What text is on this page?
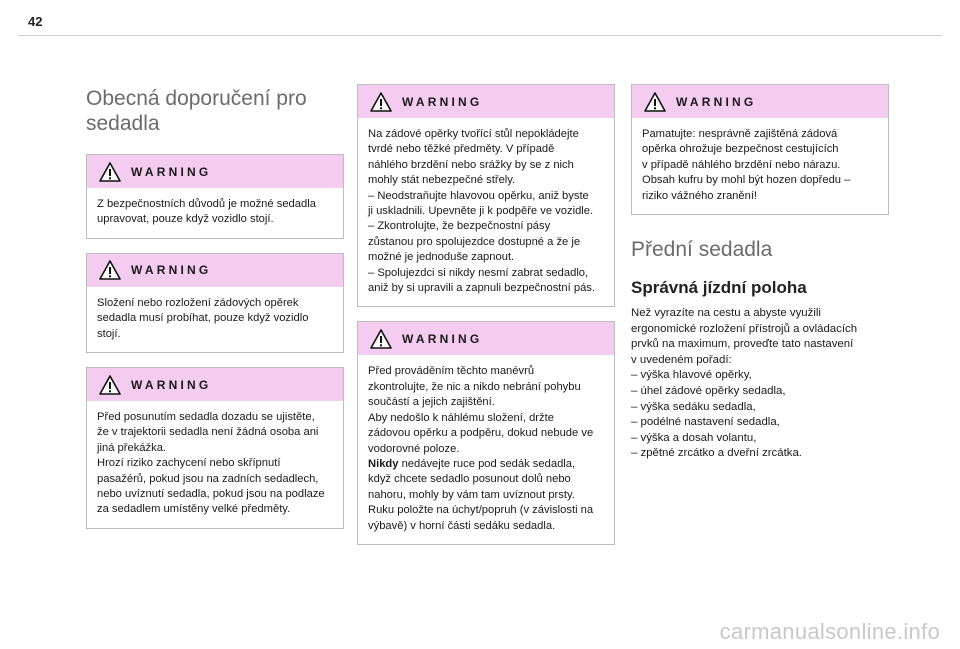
42
Obecná doporučení pro sedadla
WARNING

Z bezpečnostních důvodů je možné sedadla
upravovat, pouze když vozidlo stojí.

WARNING

Složení nebo rozložení zádových opěrek
sedadla musí probíhat, pouze když vozidlo
stojí.

WARNING

Před posunutím sedadla dozadu se ujistěte,
že v trajektorii sedadla není žádná osoba ani
jiná překážka.
Hrozí riziko zachycení nebo skřípnutí
pasažérů, pokud jsou na zadních sedadlech,
nebo uvíznutí sedadla, pokud jsou na podlaze
za sedadlem umístěny velké předměty.

WARNING

Na zádové opěrky tvořící stůl nepokládejte
tvrdé nebo těžké předměty. V případě
náhlého brzdění nebo srážky by se z nich
mohly stát nebezpečné střely.
– Neodstraňujte hlavovou opěrku, aniž byste
ji uskladnili. Upevněte ji k podpěře ve vozidle.
– Zkontrolujte, že bezpečnostní pásy
zůstanou pro spolujezdce dostupné a že je
možné je jednoduše zapnout.
– Spolujezdci si nikdy nesmí zabrat sedadlo,
aniž by si upravili a zapnuli bezpečnostní pás.

WARNING

Před prováděním těchto manévrů
zkontrolujte, že nic a nikdo nebrání pohybu
součástí a jejich zajištění.
Aby nedošlo k náhlému složení, držte
zádovou opěrku a podpěru, dokud nebude ve
vodorovné poloze.
Nikdy nedávejte ruce pod sedák sedadla,
když chcete sedadlo posunout dolů nebo
nahoru, mohly by vám tam uvíznout prsty.
Ruku položte na úchyt/popruh (v závislosti na
výbavě) v horní části sedáku sedadla.

WARNING

Pamatujte: nesprávně zajištěná zádová
opěrka ohrožuje bezpečnost cestujících
v případě náhlého brzdění nebo nárazu.
Obsah kufru by mohl být hozen dopředu –
riziko vážného zranění!

Přední sedadla
Správná jízdní poloha

Než vyrazíte na cestu a abyste využili
ergonomické rozložení přístrojů a ovládacích
prvků na maximum, proveďte tato nastavení
v uvedeném pořadí:
– výška hlavové opěrky,
– úhel zádové opěrky sedadla,
– výška sedáku sedadla,
– podélné nastavení sedadla,
– výška a dosah volantu,
– zpětné zrcátko a dveřní zrcátka.

carmanualsonline.info
